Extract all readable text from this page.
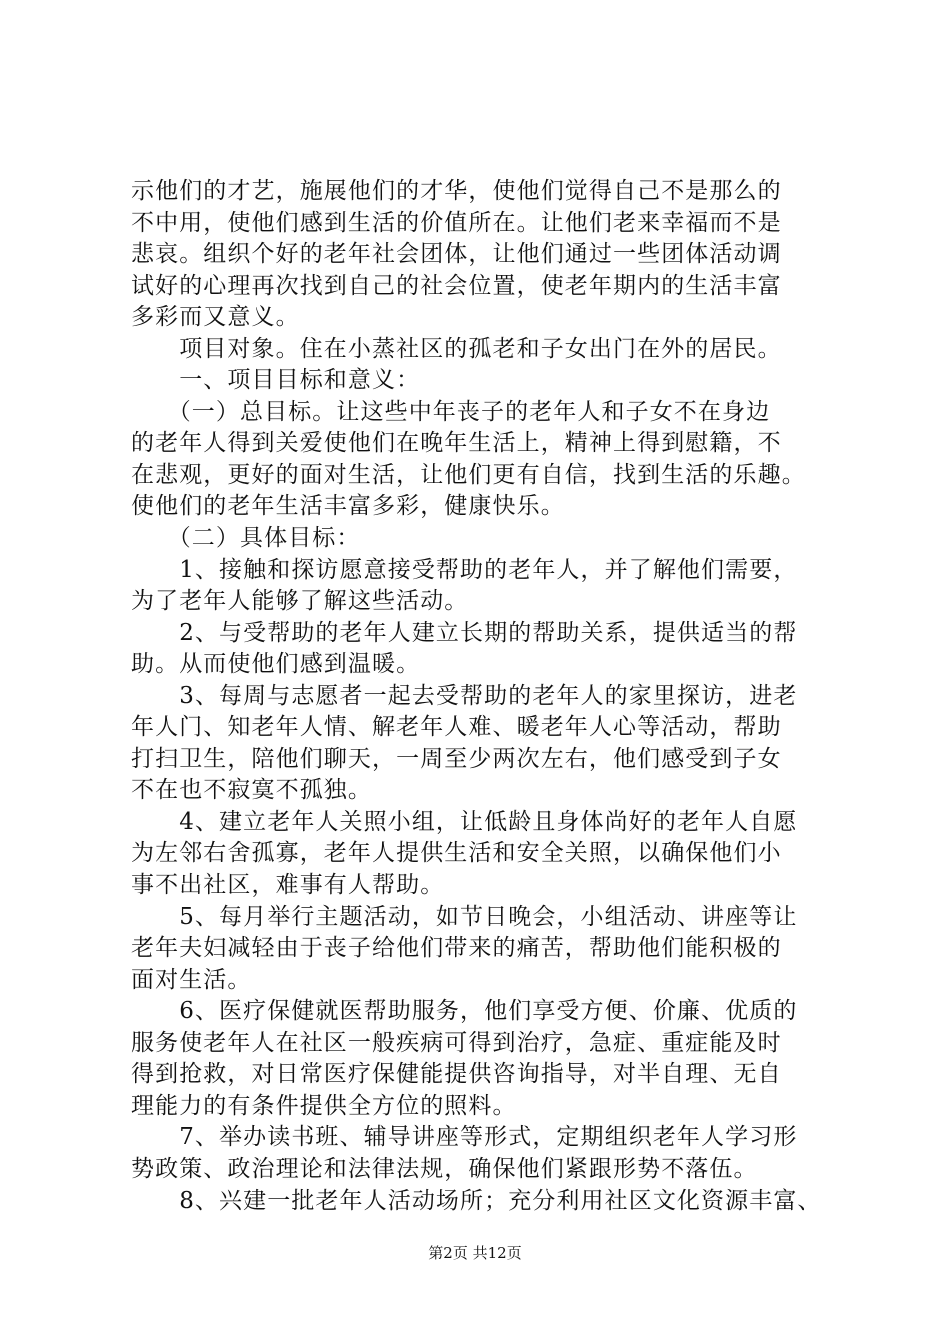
示他们的才艺，施展他们的才华，使他们觉得自己不是那么的
不中用，使他们感到生活的价值所在。让他们老来幸福而不是
悲哀。组织个好的老年社会团体，让他们通过一些团体活动调
试好的心理再次找到自己的社会位置，使老年期内的生活丰富
多彩而又意义。
　　项目对象。住在小蒸社区的孤老和子女出门在外的居民。
　　一、项目目标和意义：
　　（一）总目标。让这些中年丧子的老年人和子女不在身边
的老年人得到关爱使他们在晚年生活上，精神上得到慰籍，不
在悲观，更好的面对生活，让他们更有自信，找到生活的乐趣。
使他们的老年生活丰富多彩，健康快乐。
　　（二）具体目标：
　　1、接触和探访愿意接受帮助的老年人，并了解他们需要，
为了老年人能够了解这些活动。
　　2、与受帮助的老年人建立长期的帮助关系，提供适当的帮
助。从而使他们感到温暖。
　　3、每周与志愿者一起去受帮助的老年人的家里探访，进老
年人门、知老年人情、解老年人难、暖老年人心等活动，帮助
打扫卫生，陪他们聊天，一周至少两次左右，他们感受到子女
不在也不寂寞不孤独。
　　4、建立老年人关照小组，让低龄且身体尚好的老年人自愿
为左邻右舍孤寡，老年人提供生活和安全关照，以确保他们小
事不出社区，难事有人帮助。
　　5、每月举行主题活动，如节日晚会，小组活动、讲座等让
老年夫妇减轻由于丧子给他们带来的痛苦，帮助他们能积极的
面对生活。
　　6、医疗保健就医帮助服务，他们享受方便、价廉、优质的
服务使老年人在社区一般疾病可得到治疗，急症、重症能及时
得到抢救，对日常医疗保健能提供咨询指导，对半自理、无自
理能力的有条件提供全方位的照料。
　　7、举办读书班、辅导讲座等形式，定期组织老年人学习形
势政策、政治理论和法律法规，确保他们紧跟形势不落伍。
　　8、兴建一批老年人活动场所；充分利用社区文化资源丰富、
第2页 共12页
